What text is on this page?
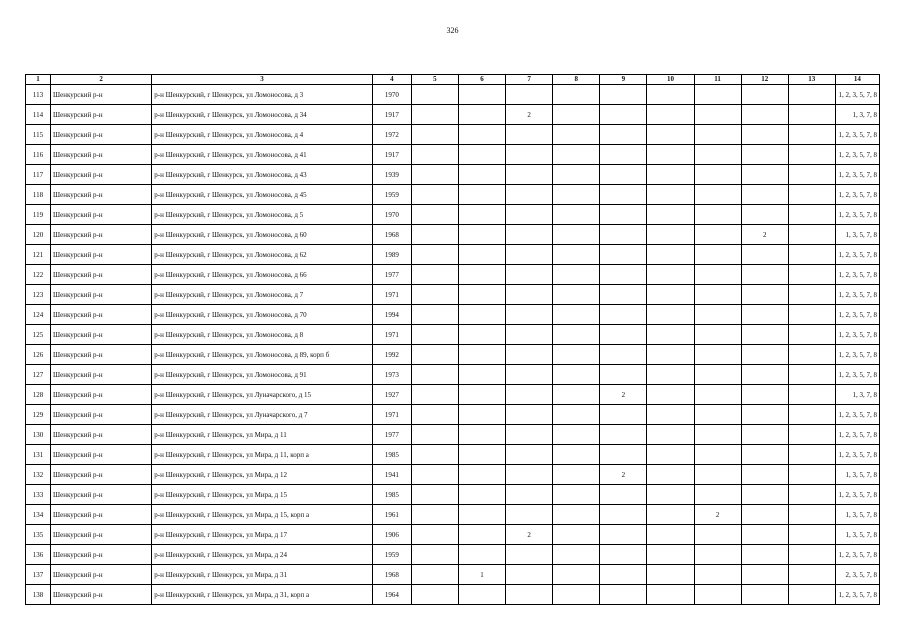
326
1	2	3	4	5	6	7	8	9	10	11	12	13	14
113	Шенкурский р-н	р-н Шенкурский, г Шенкурск, ул Ломоносова, д 3	1970										1, 2, 3, 5, 7, 8
114	Шенкурский р-н	р-н Шенкурский, г Шенкурск, ул Ломоносова, д 34	1917			2							1, 3, 7, 8
115	Шенкурский р-н	р-н Шенкурский, г Шенкурск, ул Ломоносова, д 4	1972										1, 2, 3, 5, 7, 8
116	Шенкурский р-н	р-н Шенкурский, г Шенкурск, ул Ломоносова, д 41	1917										1, 2, 3, 5, 7, 8
117	Шенкурский р-н	р-н Шенкурский, г Шенкурск, ул Ломоносова, д 43	1939										1, 2, 3, 5, 7, 8
118	Шенкурский р-н	р-н Шенкурский, г Шенкурск, ул Ломоносова, д 45	1959										1, 2, 3, 5, 7, 8
119	Шенкурский р-н	р-н Шенкурский, г Шенкурск, ул Ломоносова, д 5	1970										1, 2, 3, 5, 7, 8
120	Шенкурский р-н	р-н Шенкурский, г Шенкурск, ул Ломоносова, д 60	1968								2		1, 3, 5, 7, 8
121	Шенкурский р-н	р-н Шенкурский, г Шенкурск, ул Ломоносова, д 62	1989										1, 2, 3, 5, 7, 8
122	Шенкурский р-н	р-н Шенкурский, г Шенкурск, ул Ломоносова, д 66	1977										1, 2, 3, 5, 7, 8
123	Шенкурский р-н	р-н Шенкурский, г Шенкурск, ул Ломоносова, д 7	1971										1, 2, 3, 5, 7, 8
124	Шенкурский р-н	р-н Шенкурский, г Шенкурск, ул Ломоносова, д 70	1994										1, 2, 3, 5, 7, 8
125	Шенкурский р-н	р-н Шенкурский, г Шенкурск, ул Ломоносова, д 8	1971										1, 2, 3, 5, 7, 8
126	Шенкурский р-н	р-н Шенкурский, г Шенкурск, ул Ломоносова, д 89, корп б	1992										1, 2, 3, 5, 7, 8
127	Шенкурский р-н	р-н Шенкурский, г Шенкурск, ул Ломоносова, д 91	1973										1, 2, 3, 5, 7, 8
128	Шенкурский р-н	р-н Шенкурский, г Шенкурск, ул Луначарского, д 15	1927					2					1, 3, 7, 8
129	Шенкурский р-н	р-н Шенкурский, г Шенкурск, ул Луначарского, д 7	1971										1, 2, 3, 5, 7, 8
130	Шенкурский р-н	р-н Шенкурский, г Шенкурск, ул Мира, д 11	1977										1, 2, 3, 5, 7, 8
131	Шенкурский р-н	р-н Шенкурский, г Шенкурск, ул Мира, д 11, корп а	1985										1, 2, 3, 5, 7, 8
132	Шенкурский р-н	р-н Шенкурский, г Шенкурск, ул Мира, д 12	1941					2					1, 3, 5, 7, 8
133	Шенкурский р-н	р-н Шенкурский, г Шенкурск, ул Мира, д 15	1985										1, 2, 3, 5, 7, 8
134	Шенкурский р-н	р-н Шенкурский, г Шенкурск, ул Мира, д 15, корп а	1961							2			1, 3, 5, 7, 8
135	Шенкурский р-н	р-н Шенкурский, г Шенкурск, ул Мира, д 17	1906			2							1, 3, 5, 7, 8
136	Шенкурский р-н	р-н Шенкурский, г Шенкурск, ул Мира, д 24	1959										1, 2, 3, 5, 7, 8
137	Шенкурский р-н	р-н Шенкурский, г Шенкурск, ул Мира, д 31	1968		1								2, 3, 5, 7, 8
138	Шенкурский р-н	р-н Шенкурский, г Шенкурск, ул Мира, д 31, корп а	1964										1, 2, 3, 5, 7, 8
